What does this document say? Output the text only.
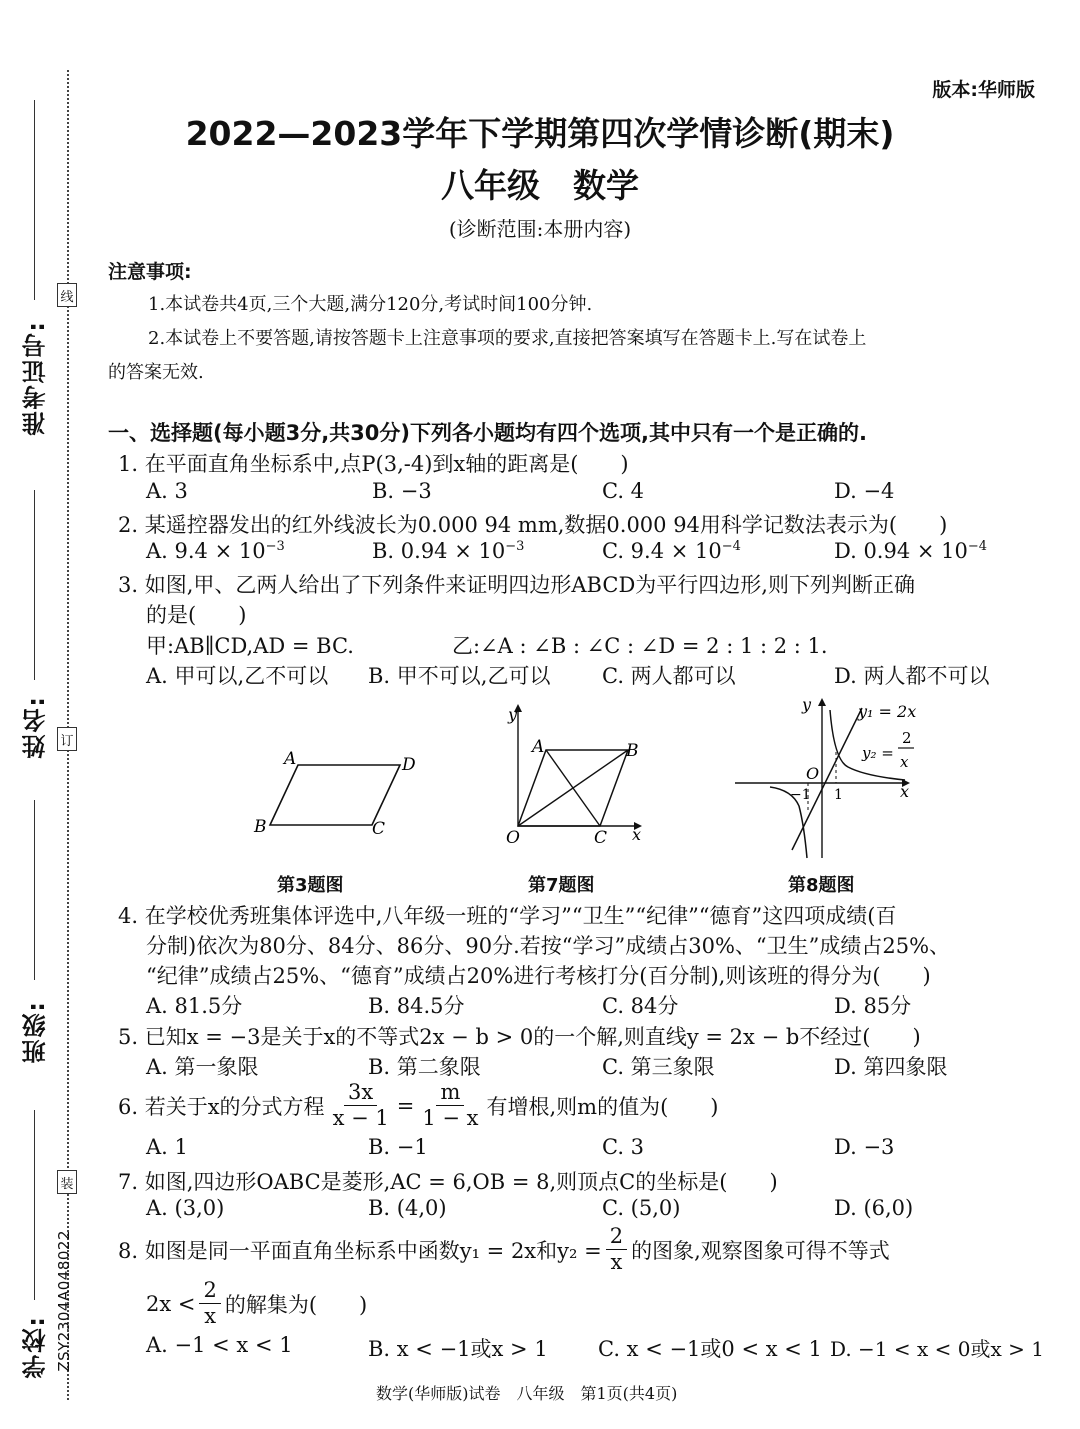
准考证号:
姓名:
班级:
学校:
线
订
装
ZSY2304A048022
版本:华师版
2022—2023学年下学期第四次学情诊断(期末)
八年级　数学
(诊断范围:本册内容)
注意事项:
1.本试卷共4页,三个大题,满分120分,考试时间100分钟.
2.本试卷上不要答题,请按答题卡上注意事项的要求,直接把答案填写在答题卡上.写在试卷上
的答案无效.
一、选择题(每小题3分,共30分)下列各小题均有四个选项,其中只有一个是正确的.
1. 在平面直角坐标系中,点P(3,-4)到x轴的距离是(　　)
A. 3	B. −3	C. 4	D. −4
2. 某遥控器发出的红外线波长为0.000 94 mm,数据0.000 94用科学记数法表示为(　　)
A. $9.4 \times 10^{-3}$	B. $0.94 \times 10^{-3}$	C. $9.4 \times 10^{-4}$	D. $0.94 \times 10^{-4}$
3. 如图,甲、乙两人给出了下列条件来证明四边形ABCD为平行四边形,则下列判断正确
的是(　　)
甲:AB∥CD,AD = BC.	乙:∠A : ∠B : ∠C : ∠D = 2 : 1 : 2 : 1.
A. 甲可以,乙不可以 B. 甲不可以,乙可以 C. 两人都可以	D. 两人都不可以
A	D
B	C
第3题图
y
x
O
A	B
C
第7题图
y
x
O
−1 1
y₁ = 2x
y₂ =
2
x
第8题图
4. 在学校优秀班集体评选中,八年级一班的“学习”“卫生”“纪律”“德育”这四项成绩(百
分制)依次为80分、84分、86分、90分.若按“学习”成绩占30%、“卫生”成绩占25%、
“纪律”成绩占25%、“德育”成绩占20%进行考核打分(百分制),则该班的得分为(　　)
A. 81.5分	B. 84.5分	C. 84分	D. 85分
5. 已知x = −3是关于x的不等式2x − b > 0的一个解,则直线y = 2x − b不经过(　　)
A. 第一象限	B. 第二象限	C. 第三象限	D. 第四象限
6. 若关于x的分式方程 $\frac{3x}{x - 1} = \frac{m}{1 - x}$ 有增根,则m的值为(　　)
A. 1	B. −1	C. 3	D. −3
7. 如图,四边形OABC是菱形,AC = 6,OB = 8,则顶点C的坐标是(　　)
A. (3,0)	B. (4,0)	C. (5,0)	D. (6,0)
8. 如图是同一平面直角坐标系中函数y₁ = 2x和$y_2 = \frac{2}{x}$ 的图象,观察图象可得不等式
$2x < \frac{2}{x}$ 的解集为(　　)
A. −1 < x < 1	B. x < −1或x > 1 C. x < −1或0 < x < 1 D. −1 < x < 0或x > 1
数学(华师版)试卷　八年级　第1页(共4页)
